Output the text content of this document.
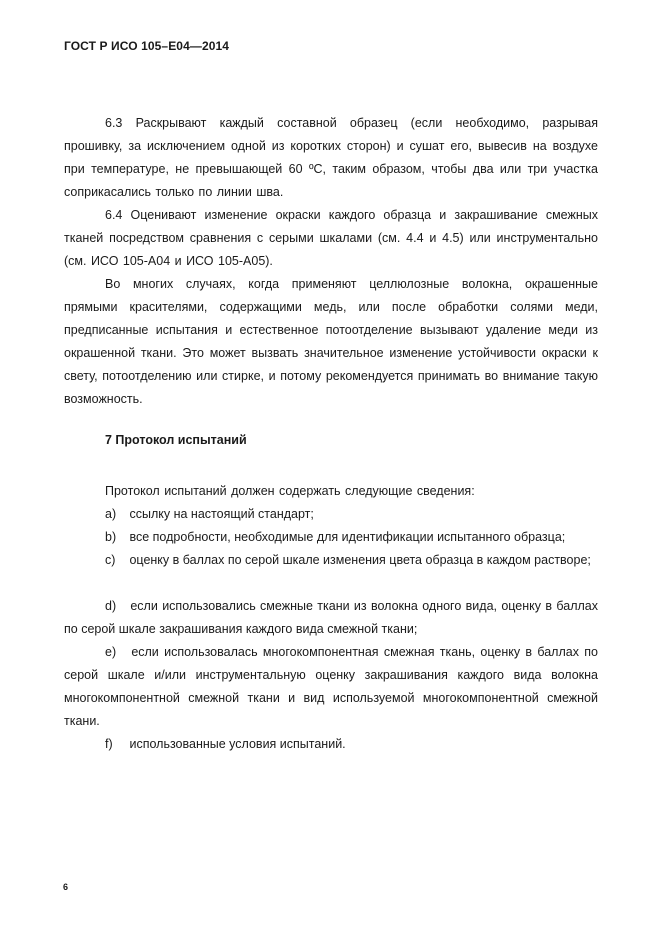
ГОСТ Р ИСО 105–E04—2014
6.3 Раскрывают каждый составной образец (если необходимо, разрывая прошивку, за исключением одной из коротких сторон) и сушат его, вывесив на воздухе при температуре, не превышающей 60 ºС, таким образом, чтобы два или три участка соприкасались только по линии шва.
6.4 Оценивают изменение окраски каждого образца и закрашивание смежных тканей посредством сравнения с серыми шкалами (см. 4.4 и 4.5) или инструментально (см. ИСО 105-А04 и ИСО 105-А05).
Во многих случаях, когда применяют целлюлозные волокна, окрашенные прямыми красителями, содержащими медь, или после обработки солями меди, предписанные испытания и естественное потоотделение вызывают удаление меди из окрашенной ткани. Это может вызвать значительное изменение устойчивости окраски к свету, потоотделению или стирке, и потому рекомендуется принимать во внимание такую возможность.
7 Протокол испытаний
Протокол испытаний должен содержать следующие сведения:
a) ссылку на настоящий стандарт;
b) все подробности, необходимые для идентификации испытанного образца;
c) оценку в баллах по серой шкале изменения цвета образца в каждом растворе;
d) если использовались смежные ткани из волокна одного вида, оценку в баллах по серой шкале закрашивания каждого вида смежной ткани;
e) если использовалась многокомпонентная смежная ткань, оценку в баллах по серой шкале и/или инструментальную оценку закрашивания каждого вида волокна многокомпонентной смежной ткани и вид используемой многокомпонентной смежной ткани.
f) использованные условия испытаний.
6
